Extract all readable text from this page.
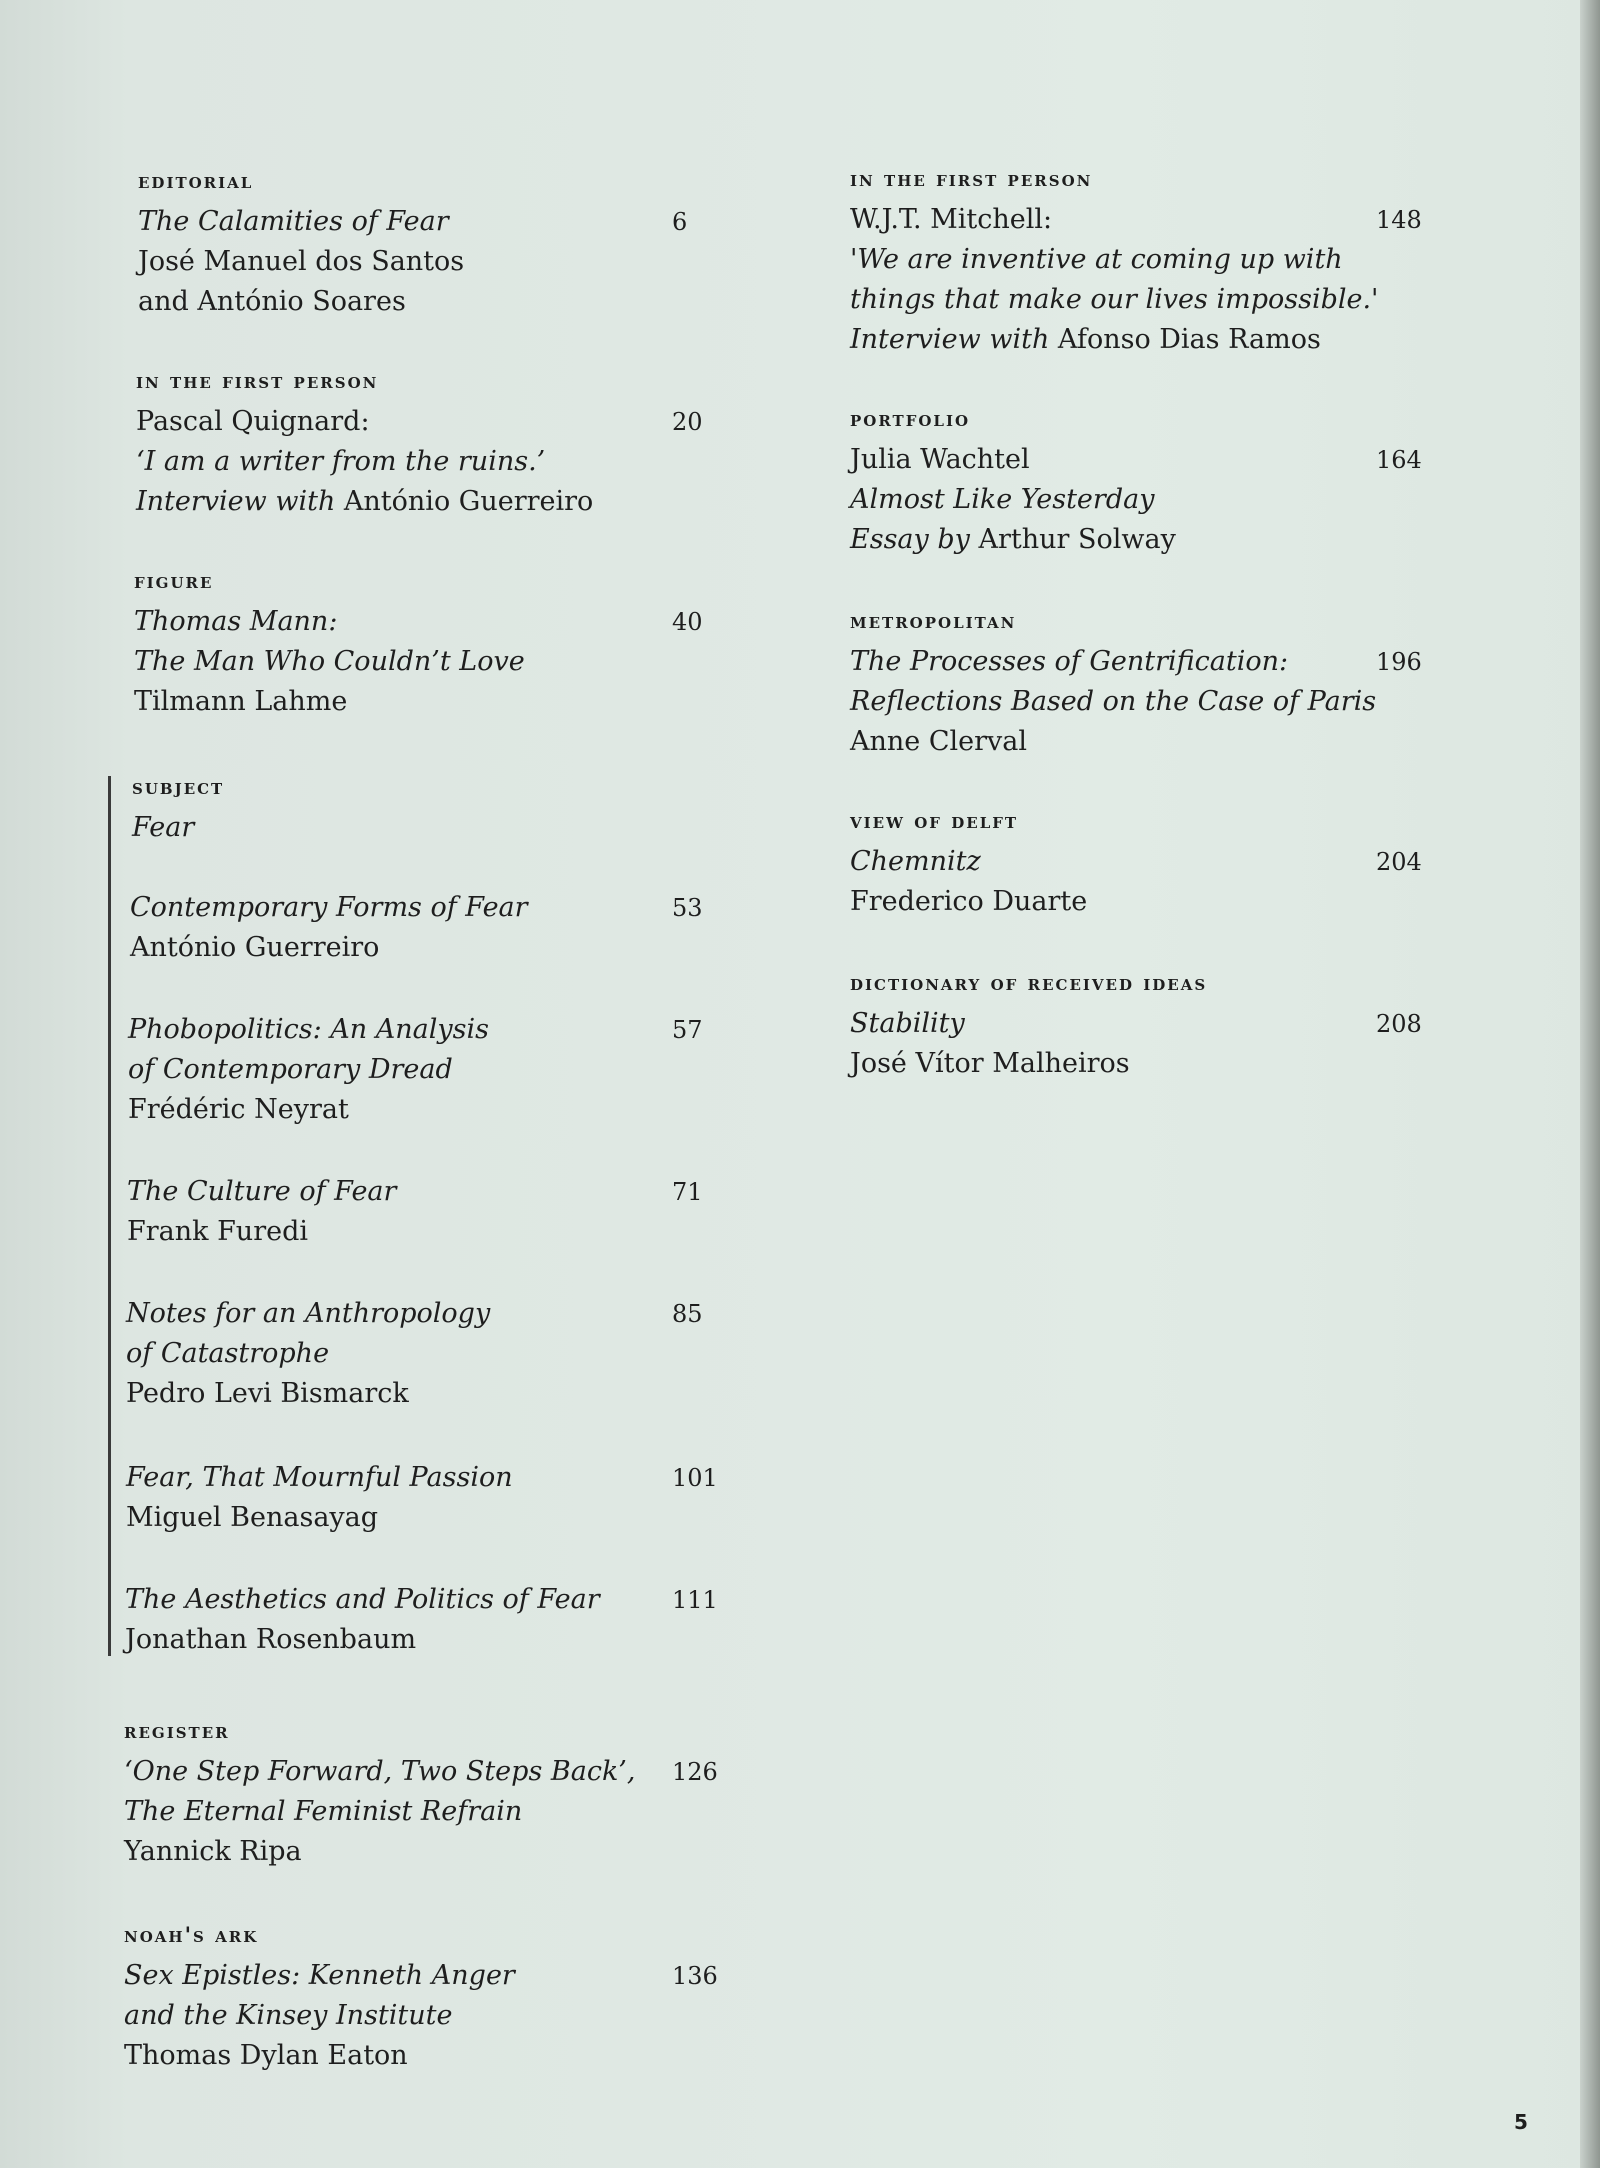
editorial
The Calamities of Fear
José Manuel dos Santos
and António Soares
6
in the first person
Pascal Quignard:
‘I am a writer from the ruins.’
Interview with António Guerreiro
20
figure
Thomas Mann:
The Man Who Couldn’t Love
Tilmann Lahme
40
subject
Fear
Contemporary Forms of Fear
António Guerreiro
53
Phobopolitics: An Analysis
of Contemporary Dread
Frédéric Neyrat
57
The Culture of Fear
Frank Furedi
71
Notes for an Anthropology
of Catastrophe
Pedro Levi Bismarck
85
Fear, That Mournful Passion
Miguel Benasayag
101
The Aesthetics and Politics of Fear
Jonathan Rosenbaum
111
register
‘One Step Forward, Two Steps Back’,
The Eternal Feminist Refrain
Yannick Ripa
126
noah's ark
Sex Epistles: Kenneth Anger
and the Kinsey Institute
Thomas Dylan Eaton
136
in the first person
W.J.T. Mitchell:
'We are inventive at coming up with
things that make our lives impossible.'
Interview with Afonso Dias Ramos
148
portfolio
Julia Wachtel
Almost Like Yesterday
Essay by Arthur Solway
164
metropolitan
The Processes of Gentrification:
Reflections Based on the Case of Paris
Anne Clerval
196
view of delft
Chemnitz
Frederico Duarte
204
dictionary of received ideas
Stability
José Vítor Malheiros
208
5
